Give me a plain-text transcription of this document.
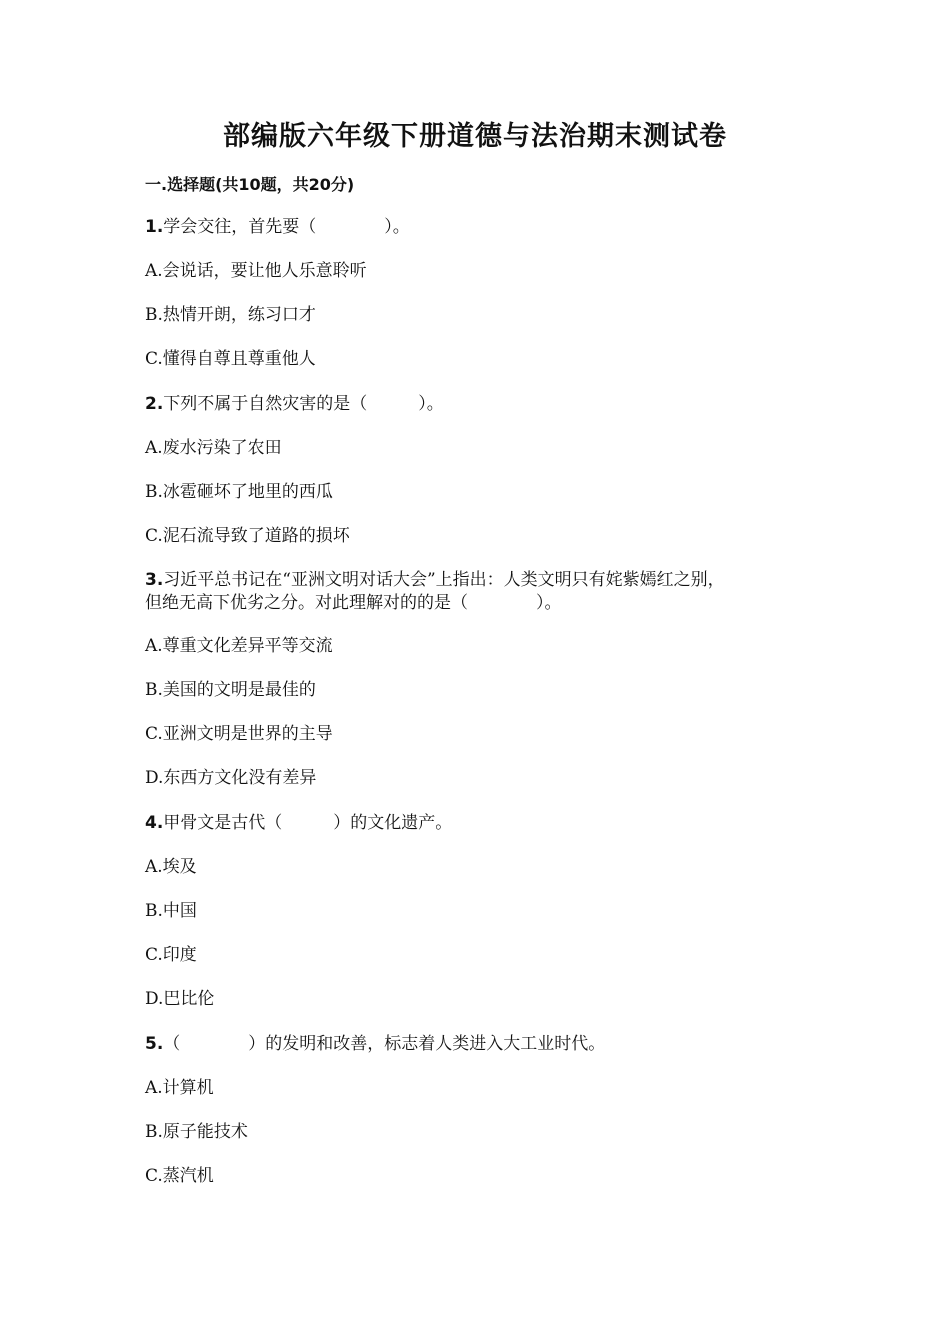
部编版六年级下册道德与法治期末测试卷
一.选择题(共10题，共20分)
1.学会交往，首先要（　　　　）。
A.会说话，要让他人乐意聆听
B.热情开朗，练习口才
C.懂得自尊且尊重他人
2.下列不属于自然灾害的是（　　　）。
A.废水污染了农田
B.冰雹砸坏了地里的西瓜
C.泥石流导致了道路的损坏
3.习近平总书记在“亚洲文明对话大会”上指出：人类文明只有姹紫嫣红之别，
但绝无高下优劣之分。对此理解对的的是（　　　　）。
A.尊重文化差异平等交流
B.美国的文明是最佳的
C.亚洲文明是世界的主导
D.东西方文化没有差异
4.甲骨文是古代（　　　）的文化遗产。
A.埃及
B.中国
C.印度
D.巴比伦
5.（　　　　）的发明和改善，标志着人类进入大工业时代。
A.计算机
B.原子能技术
C.蒸汽机
